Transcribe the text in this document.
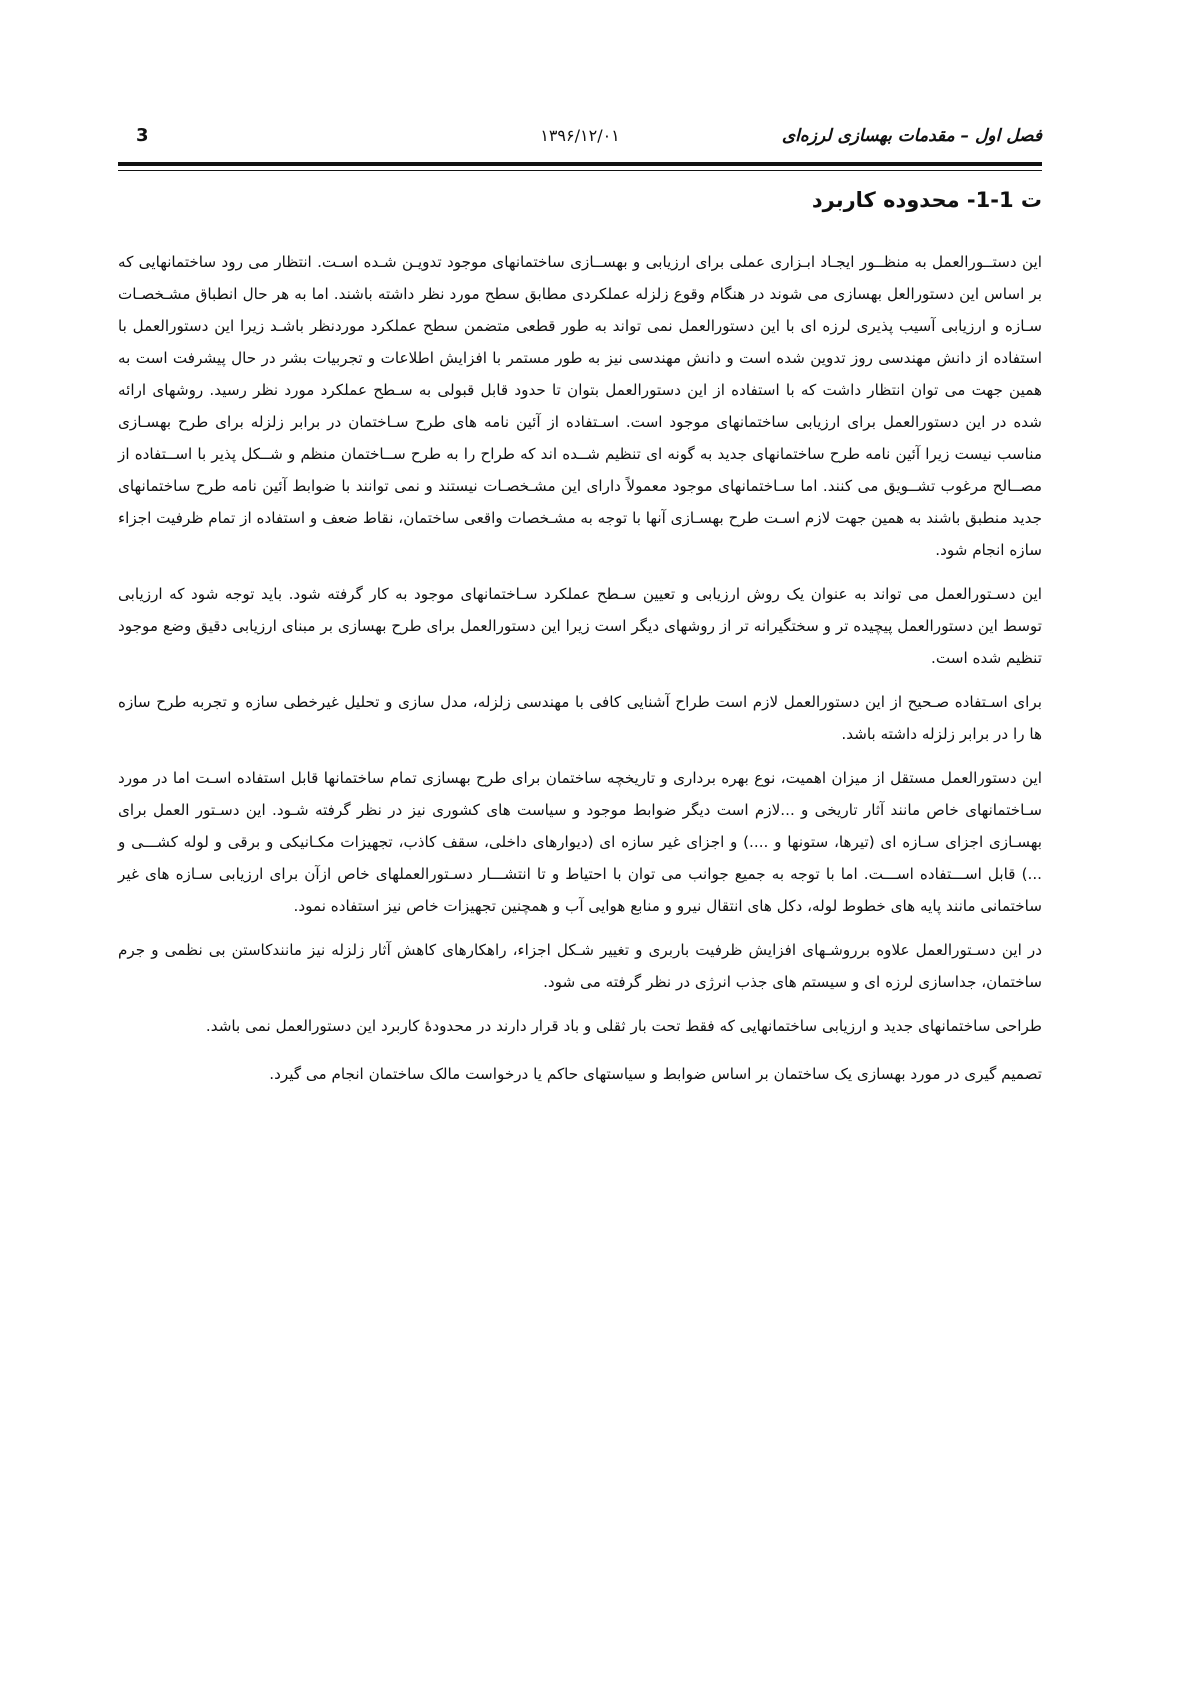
فصل اول – مقدمات بهسازی لرزه‌ای
۱۳۹۶/۱۲/۰۱
3
ت 1-1- محدوده کاربرد

این دستــورالعمل به منظــور ایجـاد ابـزاری عملی برای ارزیابی و بهســازی ساختمانهای موجود تدویـن شـده اسـت. انتظار می رود ساختمانهایی که بر اساس این دستورالعل بهسازی می شوند در هنگام وقوع زلزله عملکردی مطابق سطح مورد نظر داشته باشند. اما به هر حال انطباق مشـخصـات سـازه و ارزیابی آسیب پذیری لرزه ای با این دستورالعمل نمی تواند به طور قطعی متضمن سطح عملکرد موردنظر باشـد زیرا این دستورالعمل با استفاده از دانش مهندسی روز تدوین شده است و دانش مهندسی نیز به طور مستمر با افزایش اطلاعات و تجربیات بشر در حال پیشرفت است به همین جهت می توان انتظار داشت که با استفاده از این دستورالعمل بتوان تا حدود قابل قبولی به سـطح عملکرد مورد نظر رسید. روشهای ارائه شده در این دستورالعمل برای ارزیابی ساختمانهای موجود است. اسـتفاده از آئین نامه های طرح سـاختمان در برابر زلزله برای طرح بهسـازی مناسب نیست زیرا آئین نامه طرح ساختمانهای جدید به گونه ای تنظیم شــده اند که طراح را به طرح ســاختمان منظم و شــکل پذیر با اســتفاده از مصــالح مرغوب تشــویق می کنند. اما سـاختمانهای موجود معمولاً دارای این مشـخصـات نیستند و نمی توانند با ضوابط آئین نامه طرح ساختمانهای جدید منطبق باشند به همین جهت لازم اسـت طرح بهسـازی آنها با توجه به مشـخصات واقعی ساختمان، نقاط ضعف و استفاده از تمام ظرفیت اجزاء سازه انجام شود.

این دسـتورالعمل می تواند به عنوان یک روش ارزیابی و تعیین سـطح عملکرد سـاختمانهای موجود به کار گرفته شود. باید توجه شود که ارزیابی توسط این دستورالعمل پیچیده تر و سختگیرانه تر از روشهای دیگر است زیرا این دستورالعمل برای طرح بهسازی بر مبنای ارزیابی دقیق وضع موجود تنظیم شده است.

برای اسـتفاده صـحیح از این دستورالعمل لازم است طراح آشنایی کافی با مهندسی زلزله، مدل سازی و تحلیل غیرخطی سازه و تجربه طرح سازه ها را در برابر زلزله داشته باشد.

این دستورالعمل مستقل از میزان اهمیت، نوع بهره برداری و تاریخچه ساختمان برای طرح بهسازی تمام ساختمانها قابل استفاده اسـت اما در مورد سـاختمانهای خاص مانند آثار تاریخی و ...لازم است دیگر ضوابط موجود و سیاست های کشوری نیز در نظر گرفته شـود. این دسـتور العمل برای بهسـازی اجزای سـازه ای (تیرها، ستونها و ....) و اجزای غیر سازه ای (دیوارهای داخلی، سقف کاذب، تجهیزات مکـانیکی و برقی و لوله کشـــی و ...) قابل اســـتفاده اســـت. اما با توجه به جمیع جوانب می توان با احتیاط و تا انتشـــار دسـتورالعملهای خاص ازآن برای ارزیابی سـازه های غیر ساختمانی مانند پایه های خطوط لوله، دکل های انتقال نیرو و منابع هوایی آب و همچنین تجهیزات خاص نیز استفاده نمود.

در این دسـتورالعمل علاوه برروشـهای افزایش ظرفیت باربری و تغییر شـکل اجزاء، راهکارهای کاهش آثار زلزله نیز مانندکاستن بی نظمی و جرم ساختمان، جداسازی لرزه ای و سیستم های جذب انرژی در نظر گرفته می شود.

طراحی ساختمانهای جدید و ارزیابی ساختمانهایی که فقط تحت بار ثقلی و باد قرار دارند در محدودهٔ کاربرد این دستورالعمل نمی باشد.

تصمیم گیری در مورد بهسازی یک ساختمان بر اساس ضوابط و سیاستهای حاکم یا درخواست مالک ساختمان انجام می گیرد.
